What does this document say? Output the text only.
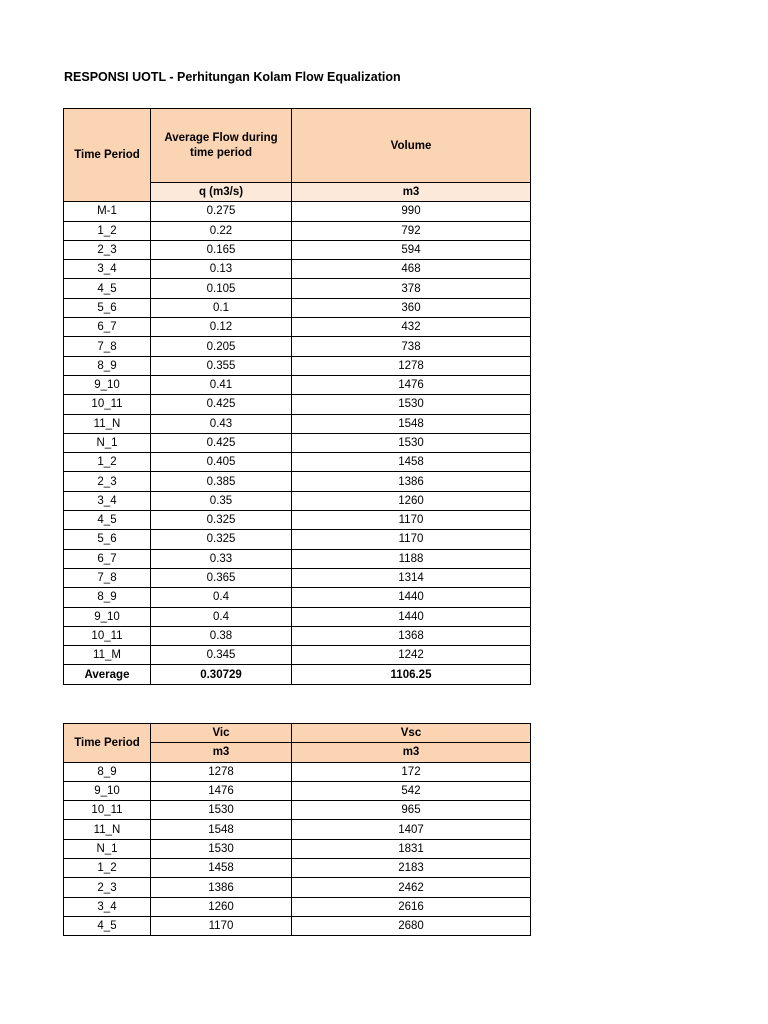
RESPONSI UOTL - Perhitungan Kolam Flow Equalization
Time Period	Average Flow during time period	Volume
	q (m3/s)	m3
M-1	0.275	990
1_2	0.22	792
2_3	0.165	594
3_4	0.13	468
4_5	0.105	378
5_6	0.1	360
6_7	0.12	432
7_8	0.205	738
8_9	0.355	1278
9_10	0.41	1476
10_11	0.425	1530
11_N	0.43	1548
N_1	0.425	1530
1_2	0.405	1458
2_3	0.385	1386
3_4	0.35	1260
4_5	0.325	1170
5_6	0.325	1170
6_7	0.33	1188
7_8	0.365	1314
8_9	0.4	1440
9_10	0.4	1440
10_11	0.38	1368
11_M	0.345	1242
Average	0.30729	1106.25
Time Period	Vic	Vsc
	m3	m3
8_9	1278	172
9_10	1476	542
10_11	1530	965
11_N	1548	1407
N_1	1530	1831
1_2	1458	2183
2_3	1386	2462
3_4	1260	2616
4_5	1170	2680
